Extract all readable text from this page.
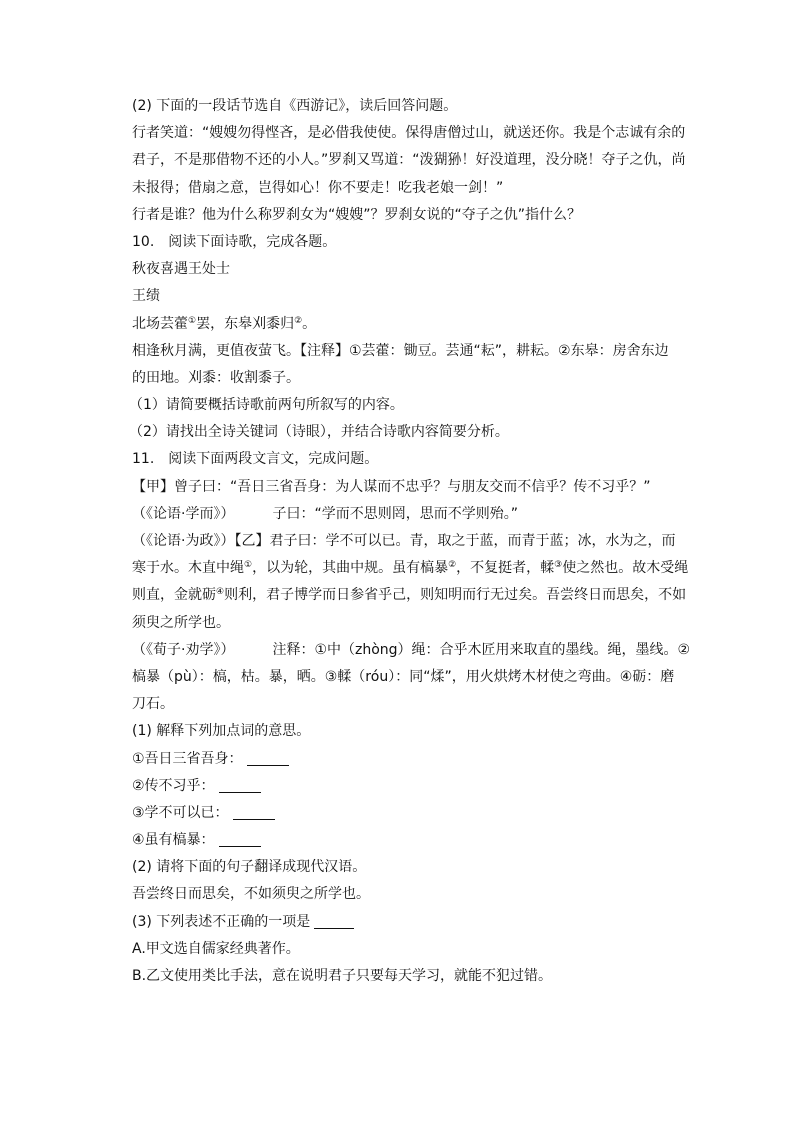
(2) 下面的一段话节选自《西游记》，读后回答问题。
行者笑道：“嫂嫂勿得悭吝，是必借我使使。保得唐僧过山，就送还你。我是个志诚有余的
君子，不是那借物不还的小人。”罗刹又骂道：“泼猢狲！好没道理，没分晓！夺子之仇，尚
未报得；借扇之意，岂得如心！你不要走！吃我老娘一剑！”
行者是谁？他为什么称罗刹女为“嫂嫂”？罗刹女说的“夺子之仇”指什么？
10.　阅读下面诗歌，完成各题。
秋夜喜遇王处士
王绩
北场芸藿①罢，东皋刈黍归②。
相逢秋月满，更值夜萤飞。【注释】①芸藿：锄豆。芸通“耘”，耕耘。②东皋：房舍东边
的田地。刈黍：收割黍子。
（1）请简要概括诗歌前两句所叙写的内容。
（2）请找出全诗关键词（诗眼），并结合诗歌内容简要分析。
11.　阅读下面两段文言文，完成问题。
【甲】曾子曰：“吾日三省吾身：为人谋而不忠乎？与朋友交而不信乎？传不习乎？”
（《论语·学而》）	子曰：“学而不思则罔，思而不学则殆。”
（《论语·为政》）【乙】君子曰：学不可以已。青，取之于蓝，而青于蓝；冰，水为之，而
寒于水。木直中绳①，以为轮，其曲中规。虽有槁暴②，不复挺者，輮③使之然也。故木受绳
则直，金就砺④则利，君子博学而日参省乎己，则知明而行无过矣。吾尝终日而思矣，不如
须臾之所学也。
（《荀子·劝学》）	注释：①中（zhòng）绳：合乎木匠用来取直的墨线。绳，墨线。②
槁暴（pù）：槁，枯。暴，晒。③輮（róu）：同“煣”，用火烘烤木材使之弯曲。④砺：磨
刀石。
(1) 解释下列加点词的意思。
①吾日三省吾身：
②传不习乎：
③学不可以已：
④虽有槁暴：
(2) 请将下面的句子翻译成现代汉语。
吾尝终日而思矣，不如须臾之所学也。
(3) 下列表述不正确的一项是
A.甲文选自儒家经典著作。
B.乙文使用类比手法，意在说明君子只要每天学习，就能不犯过错。
